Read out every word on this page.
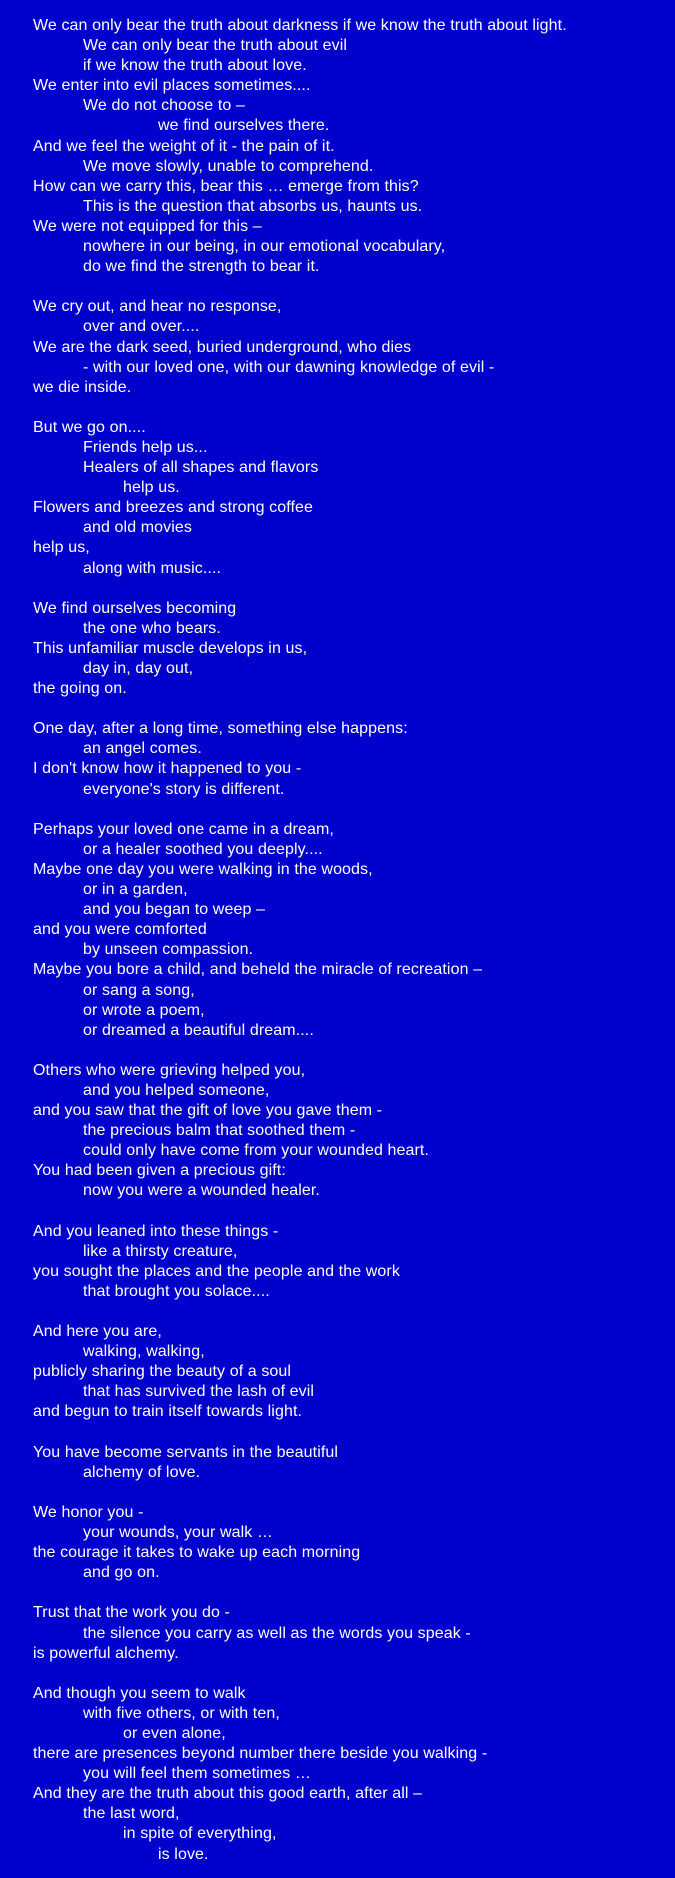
We can only bear the truth about darkness if we know the truth about light.
We can only bear the truth about evil
if we know the truth about love.
We enter into evil places sometimes....
We do not choose to –
we find ourselves there.
And we feel the weight of it - the pain of it.
We move slowly, unable to comprehend.
How can we carry this, bear this … emerge from this?
This is the question that absorbs us, haunts us.
We were not equipped for this –
nowhere in our being, in our emotional vocabulary,
do we find the strength to bear it.
We cry out, and hear no response,
over and over....
We are the dark seed, buried underground, who dies
- with our loved one, with our dawning knowledge of evil -
we die inside.
But we go on....
Friends help us...
Healers of all shapes and flavors
help us.
Flowers and breezes and strong coffee
and old movies
help us,
along with music....
We find ourselves becoming
the one who bears.
This unfamiliar muscle develops in us,
day in, day out,
the going on.
One day, after a long time, something else happens:
an angel comes.
I don't know how it happened to you -
everyone's story is different.
Perhaps your loved one came in a dream,
or a healer soothed you deeply....
Maybe one day you were walking in the woods,
or in a garden,
and you began to weep –
and you were comforted
by unseen compassion.
Maybe you bore a child, and beheld the miracle of recreation –
or sang a song,
or wrote a poem,
or dreamed a beautiful dream....
Others who were grieving helped you,
and you helped someone,
and you saw that the gift of love you gave them -
the precious balm that soothed them -
could only have come from your wounded heart.
You had been given a precious gift:
now you were a wounded healer.
And you leaned into these things -
like a thirsty creature,
you sought the places and the people and the work
that brought you solace....
And here you are,
walking, walking,
publicly sharing the beauty of a soul
that has survived the lash of evil
and begun to train itself towards light.
You have become servants in the beautiful
alchemy of love.
We honor you -
your wounds, your walk …
the courage it takes to wake up each morning
and go on.
Trust that the work you do -
the silence you carry as well as the words you speak -
is powerful alchemy.
And though you seem to walk
with five others, or with ten,
or even alone,
there are presences beyond number there beside you walking -
you will feel them sometimes …
And they are the truth about this good earth, after all –
the last word,
in spite of everything,
is love.
